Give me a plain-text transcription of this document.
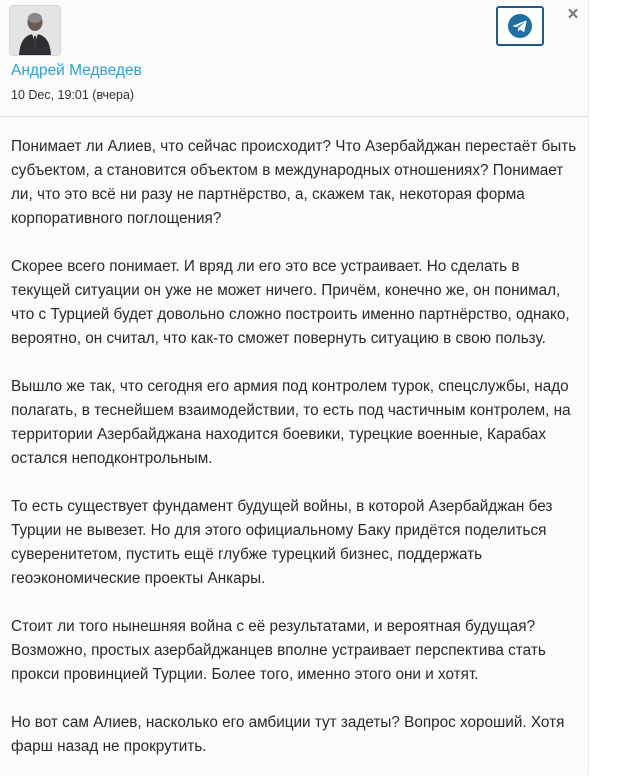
Андрей Медведев
10 Dec, 19:01 (вчера)
×

Понимает ли Алиев, что сейчас происходит? Что Азербайджан перестаёт быть субъектом, а становится объектом в международных отношениях? Понимает ли, что это всё ни разу не партнёрство, а, скажем так, некоторая форма корпоративного поглощения?

Скорее всего понимает. И вряд ли его это все устраивает. Но сделать в текущей ситуации он уже не может ничего. Причём, конечно же, он понимал, что с Турцией будет довольно сложно построить именно партнёрство, однако, вероятно, он считал, что как-то сможет повернуть ситуацию в свою пользу.

Вышло же так, что сегодня его армия под контролем турок, спецслужбы, надо полагать, в теснейшем взаимодействии, то есть под частичным контролем, на территории Азербайджана находится боевики, турецкие военные, Карабах остался неподконтрольным.

То есть существует фундамент будущей войны, в которой Азербайджан без Турции не вывезет. Но для этого официальному Баку придётся поделиться суверенитетом, пустить ещё глубже турецкий бизнес, поддержать геоэкономические проекты Анкары.

Стоит ли того нынешняя война с её результатами, и вероятная будущая? Возможно, простых азербайджанцев вполне устраивает перспектива стать прокси провинцией Турции. Более того, именно этого они и хотят.

Но вот сам Алиев, насколько его амбиции тут задеты? Вопрос хороший. Хотя фарш назад не прокрутить.
